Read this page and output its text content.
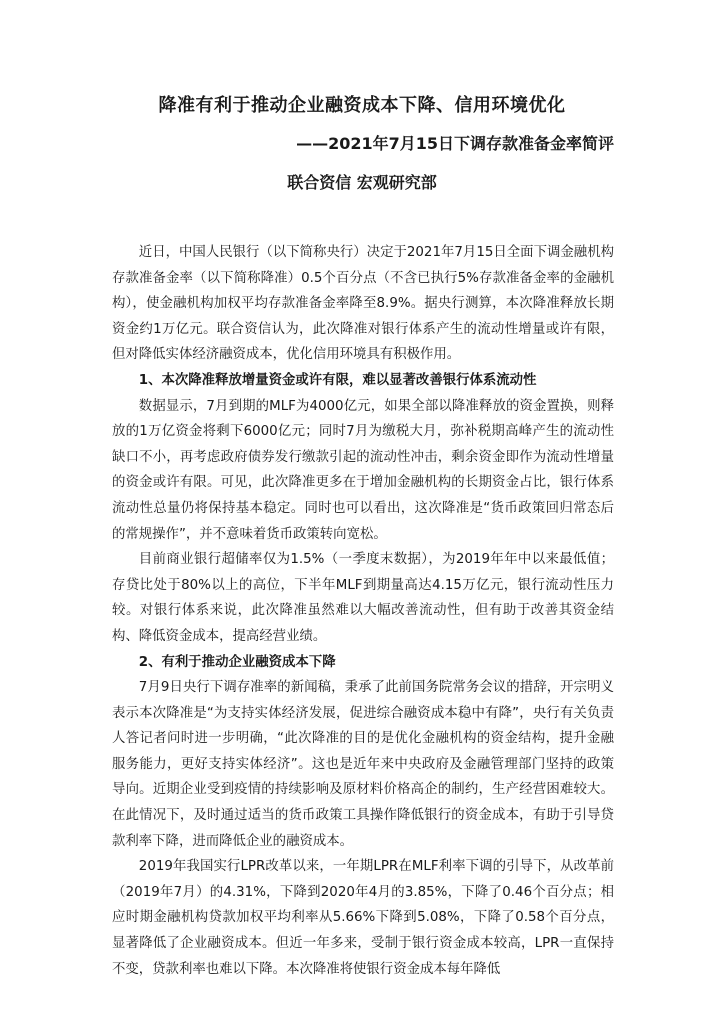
降准有利于推动企业融资成本下降、信用环境优化
——2021年7月15日下调存款准备金率简评
联合资信 宏观研究部

近日，中国人民银行（以下简称央行）决定于2021年7月15日全面下调金融机构存款准备金率（以下简称降准）0.5个百分点（不含已执行5%存款准备金率的金融机构），使金融机构加权平均存款准备金率降至8.9%。据央行测算，本次降准释放长期资金约1万亿元。联合资信认为，此次降准对银行体系产生的流动性增量或许有限，但对降低实体经济融资成本，优化信用环境具有积极作用。

1、本次降准释放增量资金或许有限，难以显著改善银行体系流动性

数据显示，7月到期的MLF为4000亿元，如果全部以降准释放的资金置换，则释放的1万亿资金将剩下6000亿元；同时7月为缴税大月，弥补税期高峰产生的流动性缺口不小，再考虑政府债券发行缴款引起的流动性冲击，剩余资金即作为流动性增量的资金或许有限。可见，此次降准更多在于增加金融机构的长期资金占比，银行体系流动性总量仍将保持基本稳定。同时也可以看出，这次降准是“货币政策回归常态后的常规操作”，并不意味着货币政策转向宽松。

目前商业银行超储率仅为1.5%（一季度末数据），为2019年年中以来最低值；存贷比处于80%以上的高位，下半年MLF到期量高达4.15万亿元，银行流动性压力较。对银行体系来说，此次降准虽然难以大幅改善流动性，但有助于改善其资金结构、降低资金成本，提高经营业绩。

2、有利于推动企业融资成本下降

7月9日央行下调存准率的新闻稿，秉承了此前国务院常务会议的措辞，开宗明义表示本次降准是“为支持实体经济发展，促进综合融资成本稳中有降”，央行有关负责人答记者问时进一步明确，“此次降准的目的是优化金融机构的资金结构，提升金融服务能力，更好支持实体经济”。这也是近年来中央政府及金融管理部门坚持的政策导向。近期企业受到疫情的持续影响及原材料价格高企的制约，生产经营困难较大。在此情况下，及时通过适当的货币政策工具操作降低银行的资金成本，有助于引导贷款利率下降，进而降低企业的融资成本。

2019年我国实行LPR改革以来，一年期LPR在MLF利率下调的引导下，从改革前（2019年7月）的4.31%，下降到2020年4月的3.85%，下降了0.46个百分点；相应时期金融机构贷款加权平均利率从5.66%下降到5.08%，下降了0.58个百分点，显著降低了企业融资成本。但近一年多来，受制于银行资金成本较高，LPR一直保持不变，贷款利率也难以下降。本次降准将使银行资金成本每年降低
